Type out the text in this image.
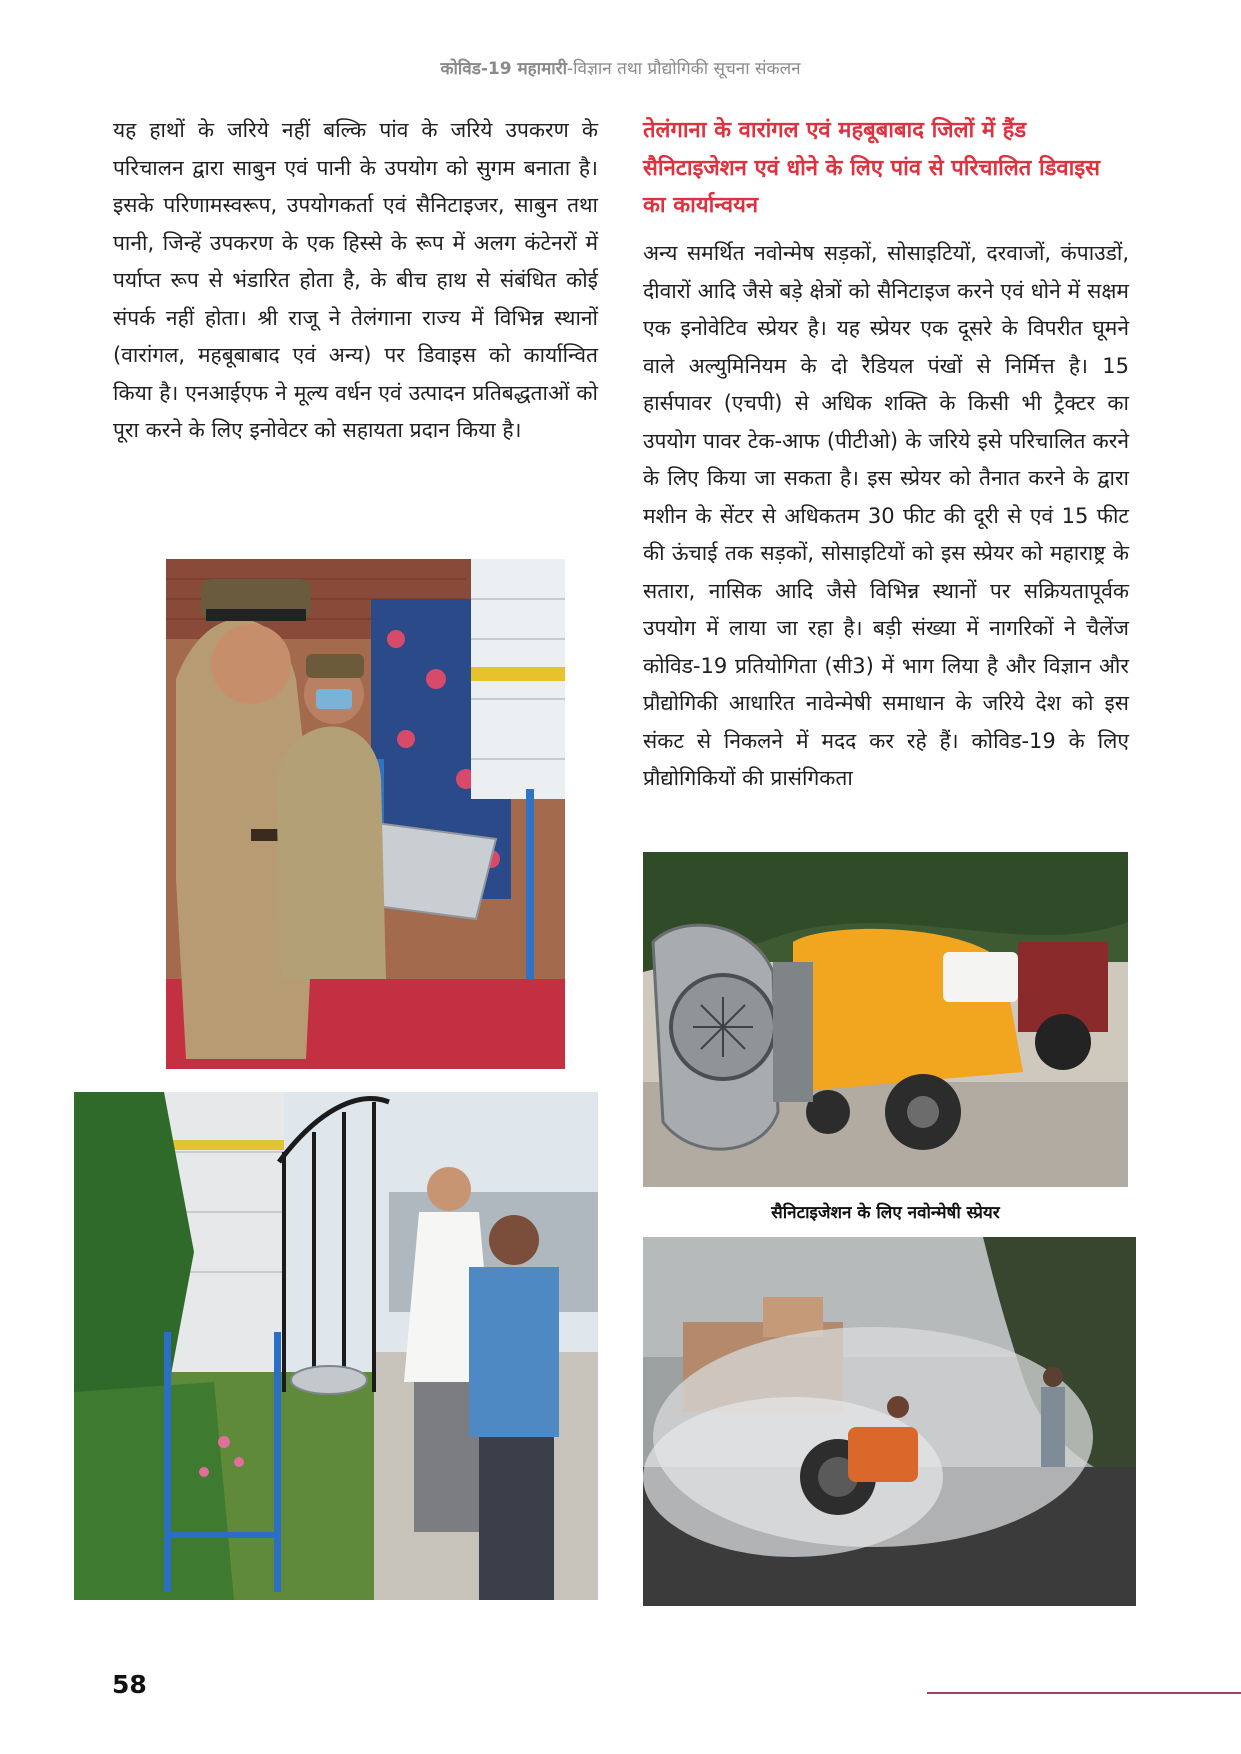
कोविड-19 महामारी-विज्ञान तथा प्रौद्योगिकी सूचना संकलन
यह हाथों के जरिये नहीं बल्कि पांव के जरिये उपकरण के परिचालन द्वारा साबुन एवं पानी के उपयोग को सुगम बनाता है। इसके परिणामस्वरूप, उपयोगकर्ता एवं सैनिटाइजर, साबुन तथा पानी, जिन्हें उपकरण के एक हिस्से के रूप में अलग कंटेनरों में पर्याप्त रूप से भंडारित होता है, के बीच हाथ से संबंधित कोई संपर्क नहीं होता। श्री राजू ने तेलंगाना राज्य में विभिन्न स्थानों (वारांगल, महबूबाबाद एवं अन्य) पर डिवाइस को कार्यान्वित किया है। एनआईएफ ने मूल्य वर्धन एवं उत्पादन प्रतिबद्धताओं को पूरा करने के लिए इनोवेटर को सहायता प्रदान किया है।
तेलंगाना के वारांगल एवं महबूबाबाद जिलों में हैंड सैनिटाइजेशन एवं धोने के लिए पांव से परिचालित डिवाइस का कार्यान्वयन
अन्य समर्थित नवोन्मेष सड़कों, सोसाइटियों, दरवाजों, कंपाउडों, दीवारों आदि जैसे बड़े क्षेत्रों को सैनिटाइज करने एवं धोने में सक्षम एक इनोवेटिव स्प्रेयर है। यह स्प्रेयर एक दूसरे के विपरीत घूमने वाले अल्युमिनियम के दो रैडियल पंखों से निर्मित्त है। 15 हार्सपावर (एचपी) से अधिक शक्ति के किसी भी ट्रैक्टर का उपयोग पावर टेक-आफ (पीटीओ) के जरिये इसे परिचालित करने के लिए किया जा सकता है। इस स्प्रेयर को तैनात करने के द्वारा मशीन के सेंटर से अधिकतम 30 फीट की दूरी से एवं 15 फीट की ऊंचाई तक सड़कों, सोसाइटियों को इस स्प्रेयर को महाराष्ट्र के सतारा, नासिक आदि जैसे विभिन्न स्थानों पर सक्रियतापूर्वक उपयोग में लाया जा रहा है। बड़ी संख्या में नागरिकों ने चैलेंज कोविड-19 प्रतियोगिता (सी3) में भाग लिया है और विज्ञान और प्रौद्योगिकी आधारित नावेन्मेषी समाधान के जरिये देश को इस संकट से निकलने में मदद कर रहे हैं। कोविड-19 के लिए प्रौद्योगिकियों की प्रासंगिकता
सैनिटाइजेशन के लिए नवोन्मेषी स्प्रेयर
58
